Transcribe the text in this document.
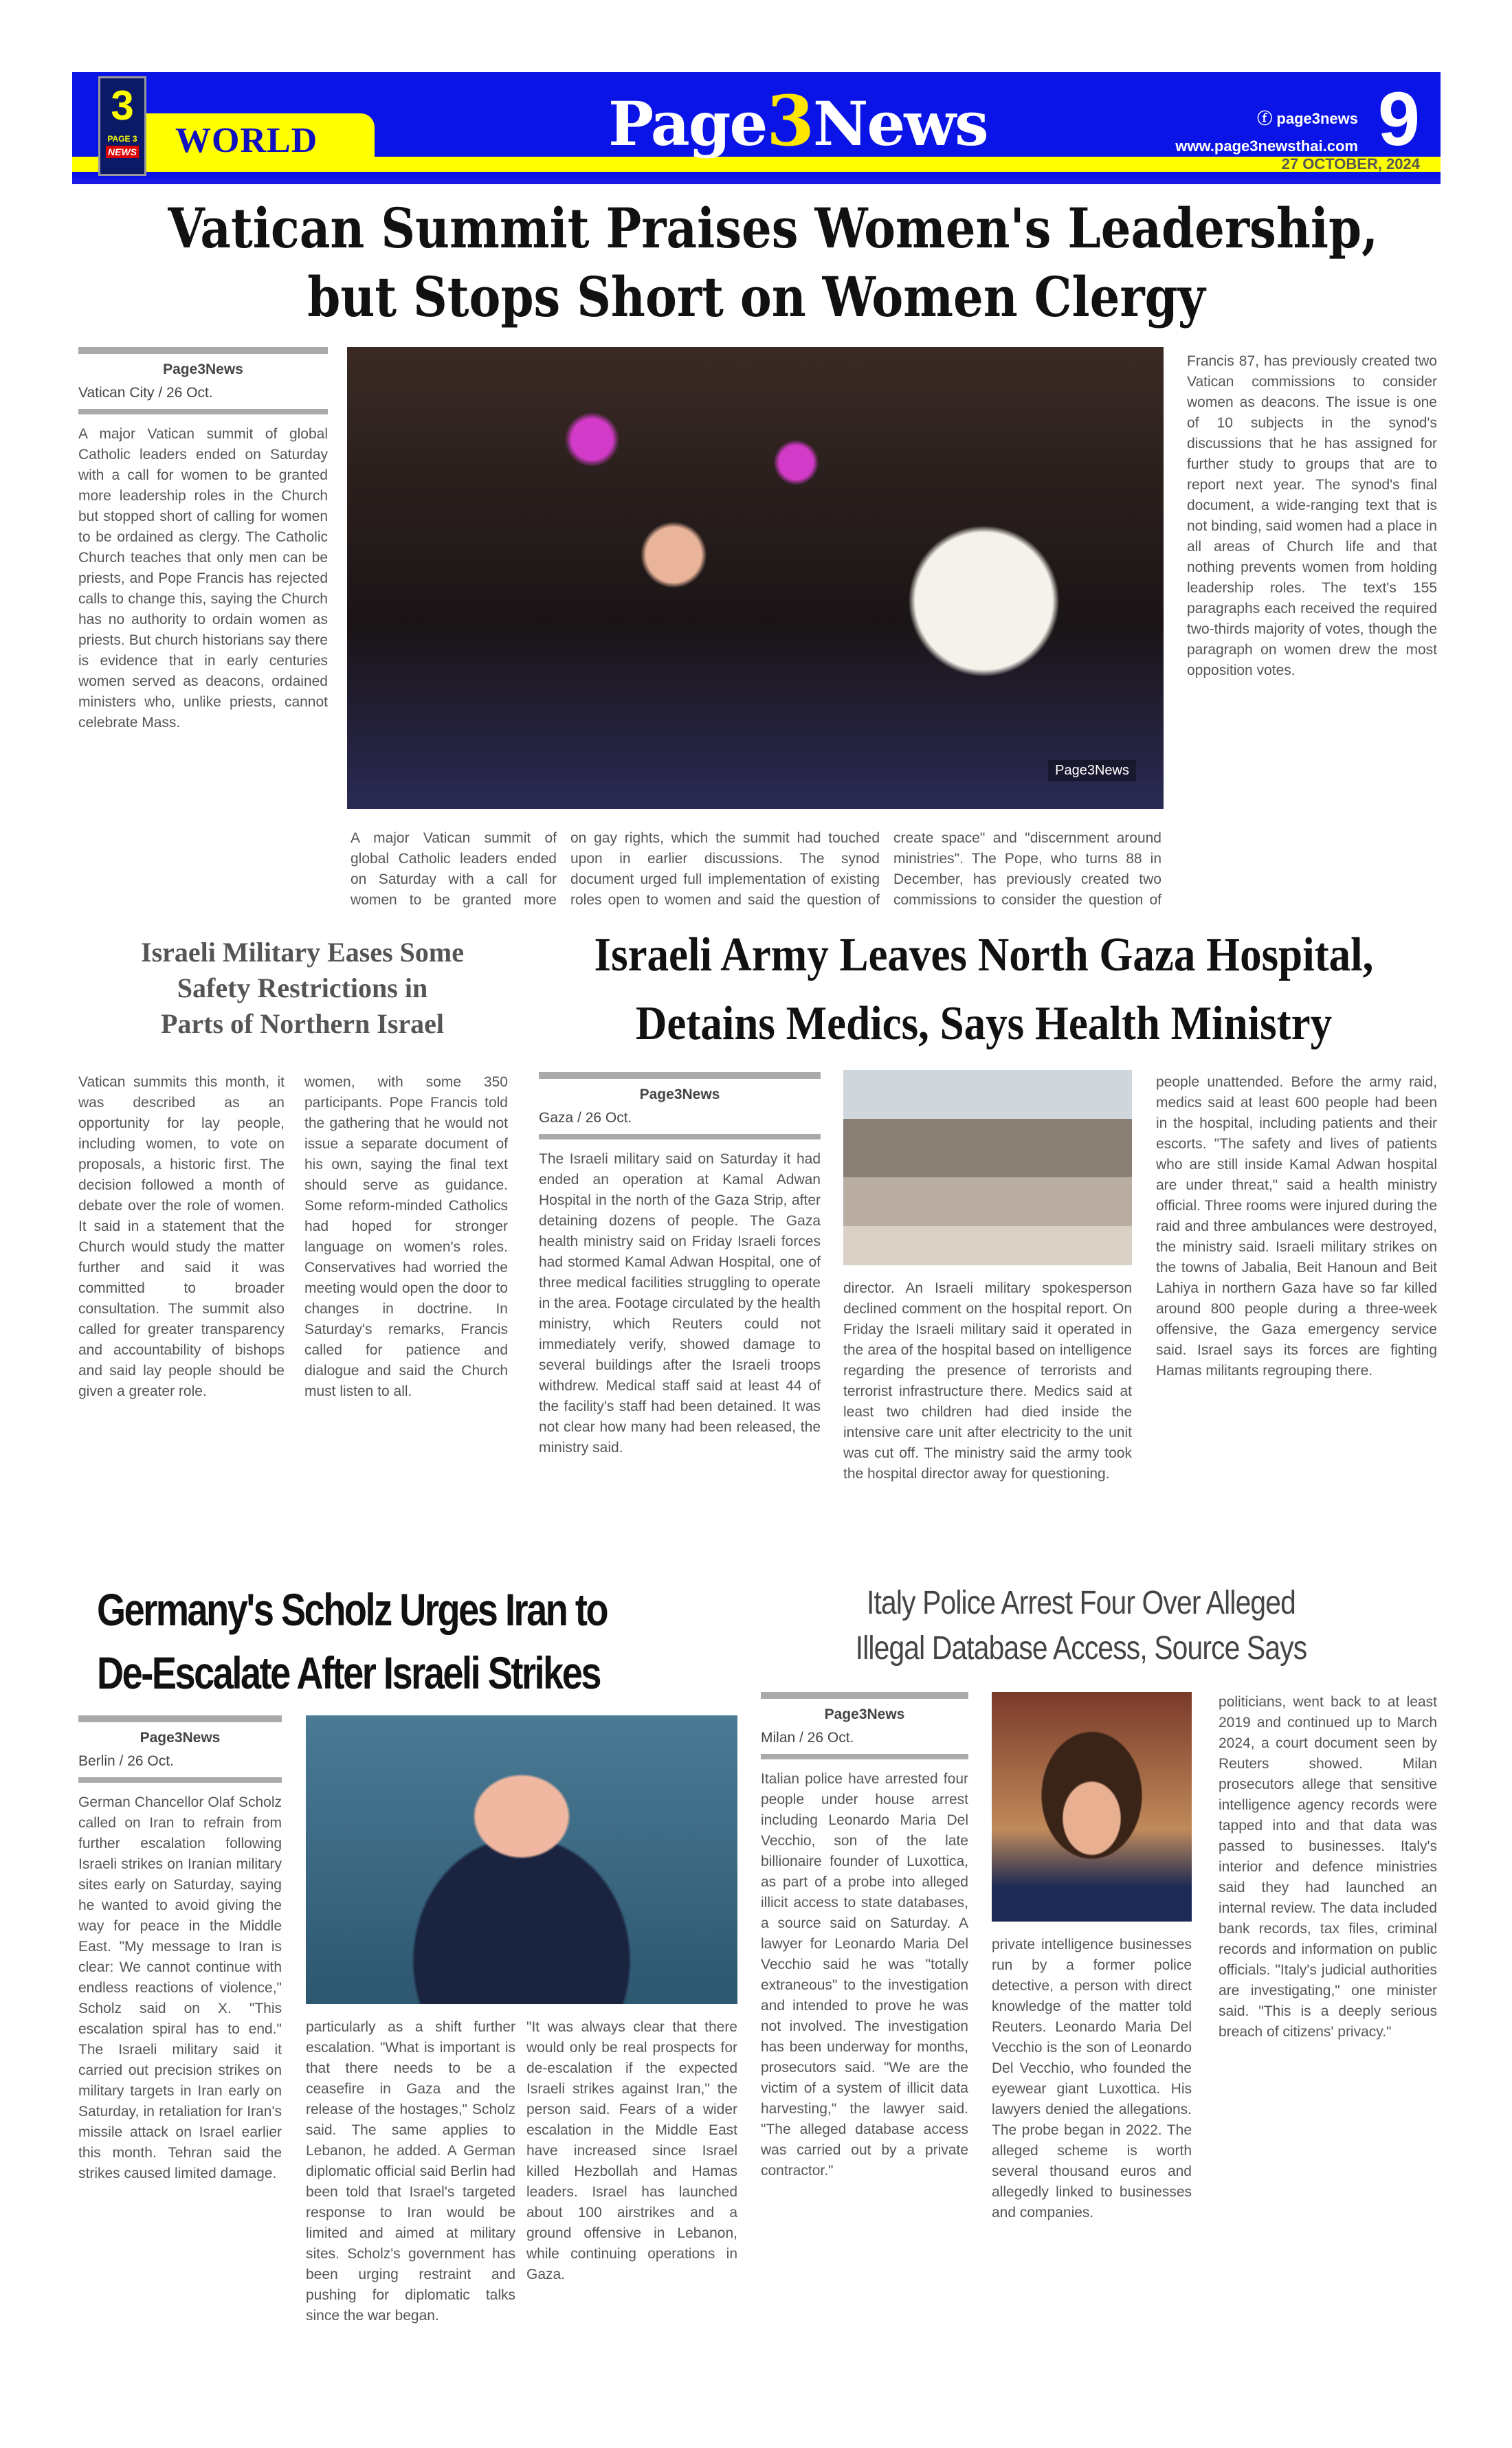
WORLD
3
PAGE 3
NEWS	Page3News	ⓕ page3news
www.page3newsthai.com 9
27 OCTOBER, 2024
Vatican Summit Praises Women's Leadership,
but Stops Short on Women Clergy
Page3News
Vatican City / 26 Oct.
A major Vatican summit of global Catholic leaders ended on Saturday with a call for women to be granted more leadership roles in the Church but stopped short of calling for women to be ordained as clergy. The Catholic Church teaches that only men can be priests, and Pope Francis has rejected calls to change this, saying the Church has no authority to ordain women as priests. But church historians say there is evidence that in early centuries women served as deacons, ordained ministers who, unlike priests, cannot celebrate Mass.
Page3News
A major Vatican summit of global Catholic leaders ended on Saturday with a call for women to be granted more
on gay rights, which the summit had touched upon in earlier discussions. The synod document urged full implementation of existing roles open to women and said the question of
create space" and "discernment around ministries". The Pope, who turns 88 in December, has previously created two commissions to consider the question of
Francis 87, has previously created two Vatican commissions to consider women as deacons. The issue is one of 10 subjects in the synod's discussions that he has assigned for further study to groups that are to report next year. The synod's final document, a wide-ranging text that is not binding, said women had a place in all areas of Church life and that nothing prevents women from holding leadership roles. The text's 155 paragraphs each received the required two-thirds majority of votes, though the paragraph on women drew the most opposition votes.
Vatican summits this month, it was described as an opportunity for lay people, including women, to vote on proposals, a historic first. The decision followed a month of debate over the role of women. It said in a statement that the Church would study the matter further and said it was committed to broader consultation. The summit also called for greater transparency and accountability of bishops and said lay people should be given a greater role.
women, with some 350 participants. Pope Francis told the gathering that he would not issue a separate document of his own, saying the final text should serve as guidance. Some reform-minded Catholics had hoped for stronger language on women's roles. Conservatives had worried the meeting would open the door to changes in doctrine. In Saturday's remarks, Francis called for patience and dialogue and said the Church must listen to all.
Israeli Military Eases Some
Safety Restrictions in
Parts of Northern Israel
Israeli Army Leaves North Gaza Hospital,
Detains Medics, Says Health Ministry
Page3News
Gaza / 26 Oct.
The Israeli military said on Saturday it had ended an operation at Kamal Adwan Hospital in the north of the Gaza Strip, after detaining dozens of people. The Gaza health ministry said on Friday Israeli forces had stormed Kamal Adwan Hospital, one of three medical facilities struggling to operate in the area. Footage circulated by the health ministry, which Reuters could not immediately verify, showed damage to several buildings after the Israeli troops withdrew. Medical staff said at least 44 of the facility's staff had been detained. It was not clear how many had been released, the ministry said.
director. An Israeli military spokesperson declined comment on the hospital report. On Friday the Israeli military said it operated in the area of the hospital based on intelligence regarding the presence of terrorists and terrorist infrastructure there. Medics said at least two children had died inside the intensive care unit after electricity to the unit was cut off. The ministry said the army took the hospital director away for questioning.
people unattended. Before the army raid, medics said at least 600 people had been in the hospital, including patients and their escorts. "The safety and lives of patients who are still inside Kamal Adwan hospital are under threat," said a health ministry official. Three rooms were injured during the raid and three ambulances were destroyed, the ministry said. Israeli military strikes on the towns of Jabalia, Beit Hanoun and Beit Lahiya in northern Gaza have so far killed around 800 people during a three-week offensive, the Gaza emergency service said. Israel says its forces are fighting Hamas militants regrouping there.
Germany's Scholz Urges Iran to
De-Escalate After Israeli Strikes
Page3News
Berlin / 26 Oct.
German Chancellor Olaf Scholz called on Iran to refrain from further escalation following Israeli strikes on Iranian military sites early on Saturday, saying he wanted to avoid giving the way for peace in the Middle East. "My message to Iran is clear: We cannot continue with endless reactions of violence," Scholz said on X. "This escalation spiral has to end." The Israeli military said it carried out precision strikes on military targets in Iran early on Saturday, in retaliation for Iran's missile attack on Israel earlier this month. Tehran said the strikes caused limited damage.
particularly as a shift further escalation. "What is important is that there needs to be a ceasefire in Gaza and the release of the hostages," Scholz said. The same applies to Lebanon, he added. A German diplomatic official said Berlin had been told that Israel's targeted response to Iran would be limited and aimed at military sites. Scholz's government has been urging restraint and pushing for diplomatic talks since the war began.
"It was always clear that there would only be real prospects for de-escalation if the expected Israeli strikes against Iran," the person said. Fears of a wider escalation in the Middle East have increased since Israel killed Hezbollah and Hamas leaders. Israel has launched about 100 airstrikes and a ground offensive in Lebanon, while continuing operations in Gaza.
Italy Police Arrest Four Over Alleged
Illegal Database Access, Source Says
Page3News
Milan / 26 Oct.
Italian police have arrested four people under house arrest including Leonardo Maria Del Vecchio, son of the late billionaire founder of Luxottica, as part of a probe into alleged illicit access to state databases, a source said on Saturday. A lawyer for Leonardo Maria Del Vecchio said he was "totally extraneous" to the investigation and intended to prove he was not involved. The investigation has been underway for months, prosecutors said. "We are the victim of a system of illicit data harvesting," the lawyer said. "The alleged database access was carried out by a private contractor."
private intelligence businesses run by a former police detective, a person with direct knowledge of the matter told Reuters. Leonardo Maria Del Vecchio is the son of Leonardo Del Vecchio, who founded the eyewear giant Luxottica. His lawyers denied the allegations. The probe began in 2022. The alleged scheme is worth several thousand euros and allegedly linked to businesses and companies.
politicians, went back to at least 2019 and continued up to March 2024, a court document seen by Reuters showed. Milan prosecutors allege that sensitive intelligence agency records were tapped into and that data was passed to businesses. Italy's interior and defence ministries said they had launched an internal review. The data included bank records, tax files, criminal records and information on public officials. "Italy's judicial authorities are investigating," one minister said. "This is a deeply serious breach of citizens' privacy."
